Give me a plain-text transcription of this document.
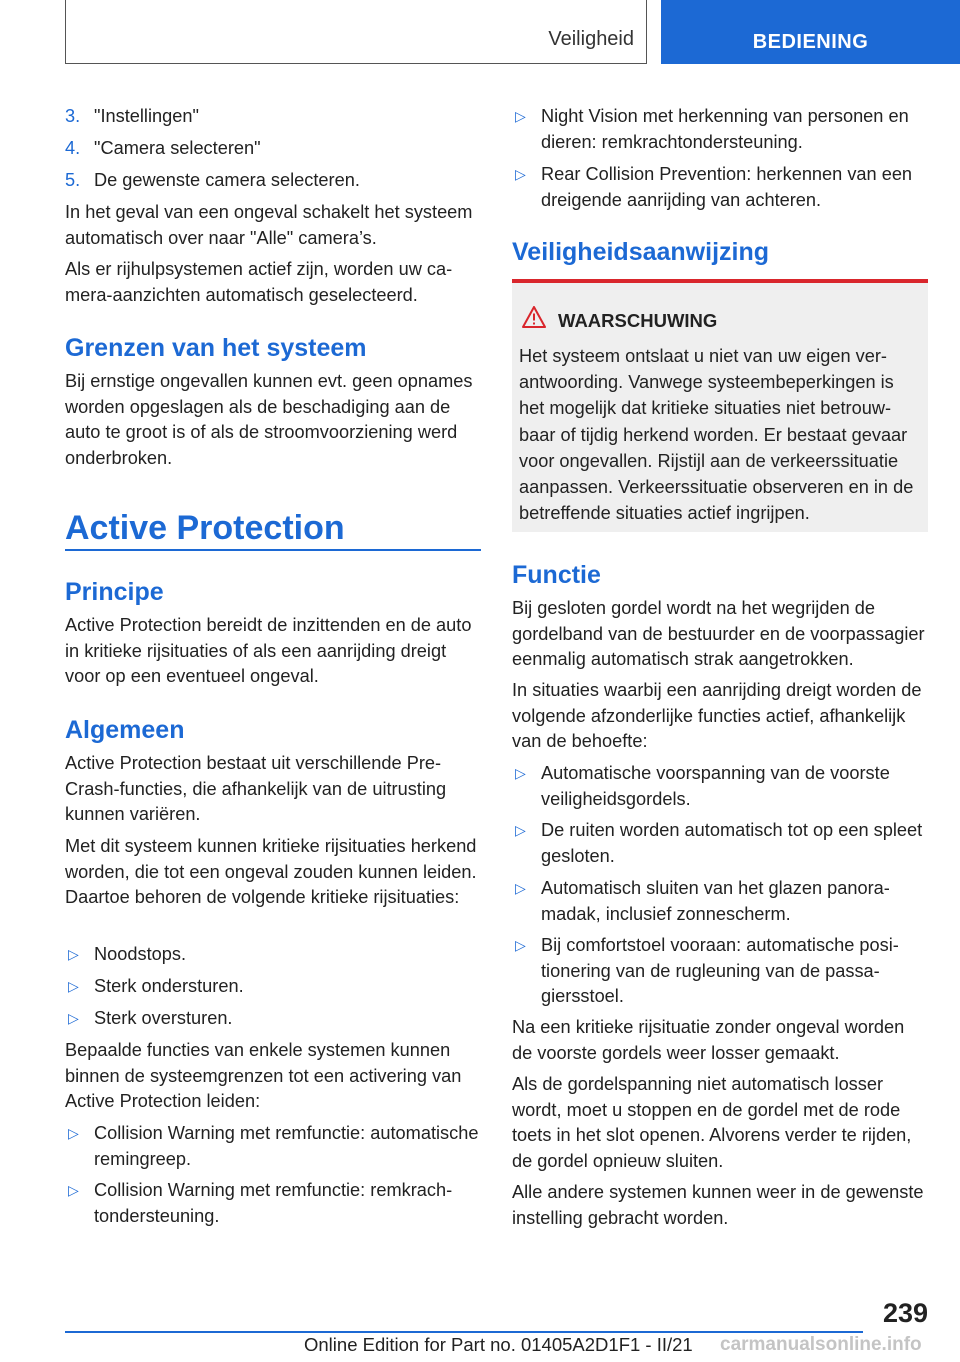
Veiligheid	BEDIENING
3. "Instellingen"
4. "Camera selecteren"
5. De gewenste camera selecteren.

In het geval van een ongeval schakelt het systeem automatisch over naar "Alle" camera’s.

Als er rijhulpsystemen actief zijn, worden uw camera-aanzichten automatisch geselecteerd.

Grenzen van het systeem

Bij ernstige ongevallen kunnen evt. geen opnames worden opgeslagen als de beschadiging aan de auto te groot is of als de stroomvoorziening werd onderbroken.

Active Protection
Principe

Active Protection bereidt de inzittenden en de auto in kritieke rijsituaties of als een aanrijding dreigt voor op een eventueel ongeval.

Algemeen

Active Protection bestaat uit verschillende Pre-Crash-functies, die afhankelijk van de uitrusting kunnen variëren.

Met dit systeem kunnen kritieke rijsituaties herkend worden, die tot een ongeval zouden kunnen leiden. Daartoe behoren de volgende kritieke rijsituaties:

▷ Noodstops.
▷ Sterk ondersturen.
▷ Sterk oversturen.

Bepaalde functies van enkele systemen kunnen binnen de systeemgrenzen tot een activering van Active Protection leiden:

▷ Collision Warning met remfunctie: automatische remingreep.
▷ Collision Warning met remfunctie: remkrachtondersteuning.
▷ Night Vision met herkenning van personen en dieren: remkrachtondersteuning.
▷ Rear Collision Prevention: herkennen van een dreigende aanrijding van achteren.
Veiligheidsaanwijzing
WAARSCHUWING

Het systeem ontslaat u niet van uw eigen verantwoording. Vanwege systeembeperkingen is het mogelijk dat kritieke situaties niet betrouwbaar of tijdig herkend worden. Er bestaat gevaar voor ongevallen. Rijstijl aan de verkeerssituatie aanpassen. Verkeerssituatie observeren en in de betreffende situaties actief ingrijpen.

Functie

Bij gesloten gordel wordt na het wegrijden de gordelband van de bestuurder en de voorpassagier eenmalig automatisch strak aangetrokken.

In situaties waarbij een aanrijding dreigt worden de volgende afzonderlijke functies actief, afhankelijk van de behoefte:

▷ Automatische voorspanning van de voorste veiligheidsgordels.
▷ De ruiten worden automatisch tot op een spleet gesloten.
▷ Automatisch sluiten van het glazen panoramadak, inclusief zonnescherm.
▷ Bij comfortstoel vooraan: automatische positionering van de rugleuning van de passagiersstoel.

Na een kritieke rijsituatie zonder ongeval worden de voorste gordels weer losser gemaakt.

Als de gordelspanning niet automatisch losser wordt, moet u stoppen en de gordel met de rode toets in het slot openen. Alvorens verder te rijden, de gordel opnieuw sluiten.

Alle andere systemen kunnen weer in de gewenste instelling gebracht worden.

239
Online Edition for Part no. 01405A2D1F1 - II/21 carmanualsonline.info
